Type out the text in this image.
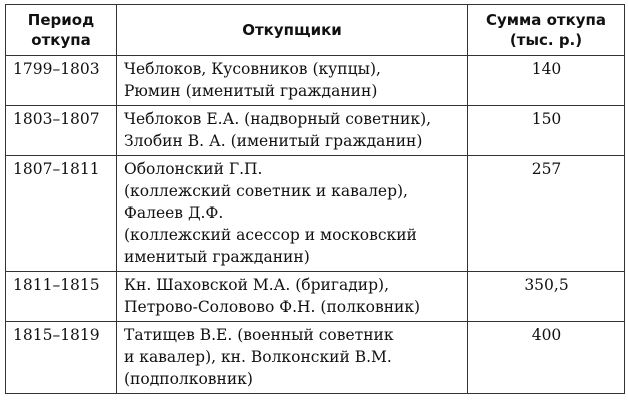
Период
откупа	Откупщики	Сумма откупа
(тыс. р.)

1799–1803	Чеблоков, Кусовников (купцы),
Рюмин (именитый гражданин)	140
1803–1807	Чеблоков Е.А. (надворный советник),
Злобин В. А. (именитый гражданин)	150
1807–1811	Оболонский Г.П.
(коллежский советник и кавалер),
Фалеев Д.Ф.
(коллежский асессор и московский
именитый гражданин)	257
1811–1815	Кн. Шаховской М.А. (бригадир),
Петрово-Соловово Ф.Н. (полковник)	350,5
1815–1819	Татищев В.Е. (военный советник
и кавалер), кн. Волконский В.М.
(подполковник)	400
